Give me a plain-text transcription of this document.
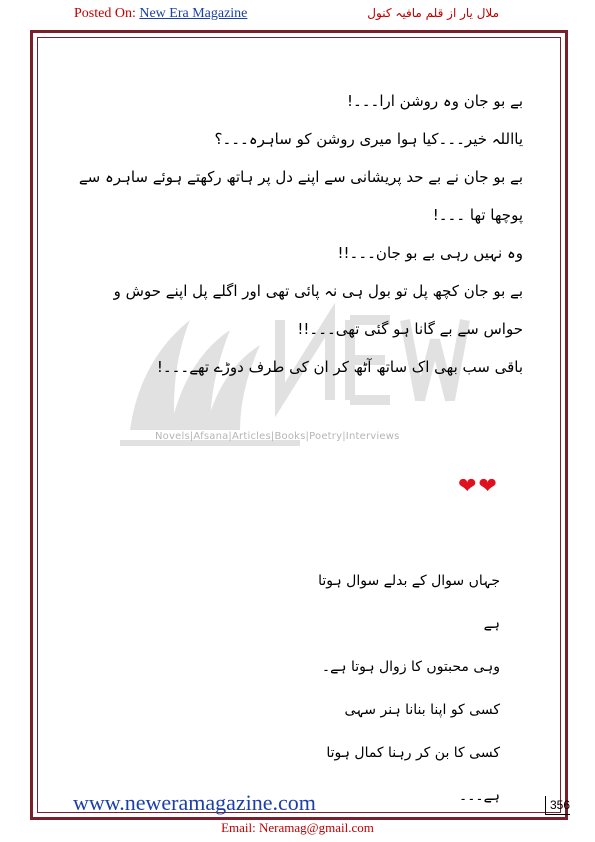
Posted On: New Era Magazine	ملال یار از قلم مافیہ کنول
Novels|Afsana|Articles|Books|Poetry|Interviews

بے بو جان وہ روشن ارا۔۔۔!

یااللہ خیر۔۔۔کیا ہوا میری روشن کو ساہرہ۔۔۔؟

بے بو جان نے بے حد پریشانی سے اپنے دل پر ہاتھ رکھتے ہوئے ساہرہ سے پوچھا تھا ۔۔۔!

وہ نہیں رہی بے بو جان۔۔۔!!

بے بو جان کچھ پل تو بول ہی نہ پائی تھی اور اگلے پل اپنے حوش و حواس سے بے گانا ہو گئی تھی۔۔۔!!

باقی سب بھی اک ساتھ آٹھ کر ان کی طرف دوڑے تھے۔۔۔!

❤❤

جہاں سوال کے بدلے سوال ہوتا ہے

وہی محبتوں کا زوال ہوتا ہے۔

کسی کو اپنا بنانا ہنر سہی

کسی کا بن کر رہنا کمال ہوتا ہے۔۔۔

www.neweramagazine.com	356
Email: Neramag@gmail.com
